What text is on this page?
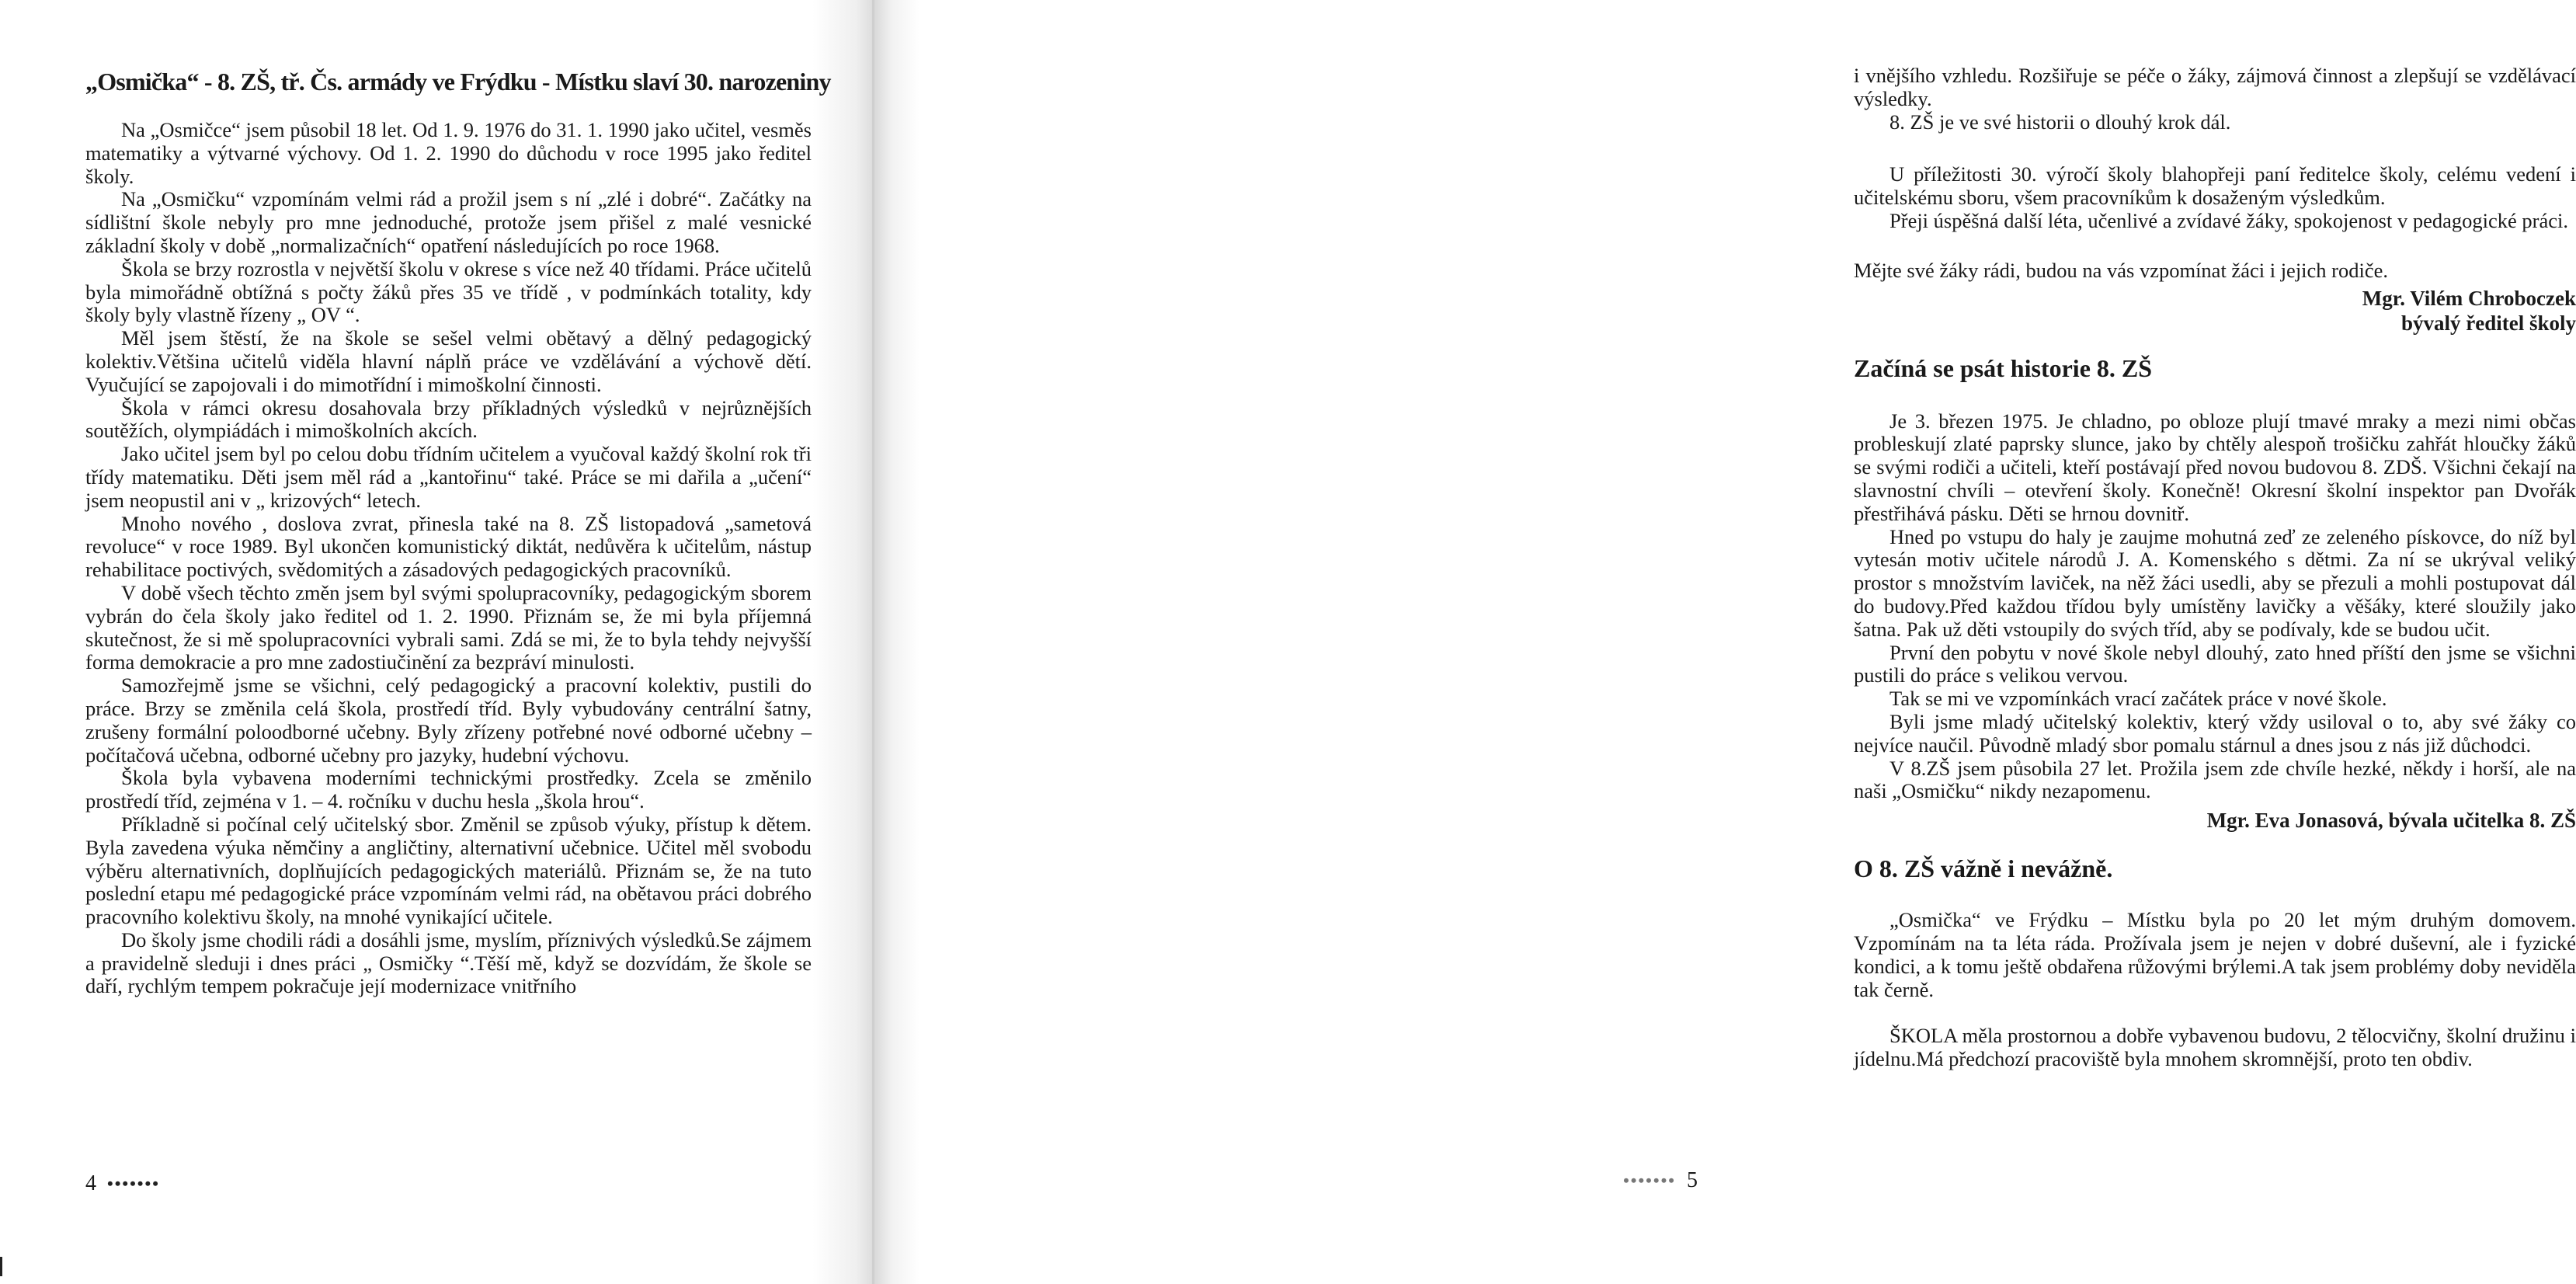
„Osmička“ - 8. ZŠ, tř. Čs. armády ve Frýdku - Místku slaví 30. narozeniny

Na „Osmičce“ jsem působil 18 let. Od 1. 9. 1976 do 31. 1. 1990 jako učitel, vesměs matematiky a výtvarné výchovy. Od 1. 2. 1990 do důchodu v roce 1995 jako ředitel školy.

Na „Osmičku“ vzpomínám velmi rád a prožil jsem s ní „zlé i dobré“. Začátky na sídlištní škole nebyly pro mne jednoduché, protože jsem přišel z malé vesnické základní školy v době „normalizačních“ opatření následujících po roce 1968.

Škola se brzy rozrostla v největší školu v okrese s více než 40 třídami. Práce učitelů byla mimořádně obtížná s počty žáků přes 35 ve třídě , v podmínkách totality, kdy školy byly vlastně řízeny „ OV “.

Měl jsem štěstí, že na škole se sešel velmi obětavý a dělný pedagogický kolektiv.Většina učitelů viděla hlavní náplň práce ve vzdělávání a výchově dětí. Vyučující se zapojovali i do mimotřídní i mimoškolní činnosti.

Škola v rámci okresu dosahovala brzy příkladných výsledků v nejrůznějších soutěžích, olympiádách i mimoškolních akcích.

Jako učitel jsem byl po celou dobu třídním učitelem a vyučoval každý školní rok tři třídy matematiku. Děti jsem měl rád a „kantořinu“ také. Práce se mi dařila a „učení“ jsem neopustil ani v „ krizových“ letech.

Mnoho nového , doslova zvrat, přinesla také na 8. ZŠ listopadová „sametová revoluce“ v roce 1989. Byl ukončen komunistický diktát, nedůvěra k učitelům, nástup rehabilitace poctivých, svědomitých a zásadových pedagogických pracovníků.

V době všech těchto změn jsem byl svými spolupracovníky, pedagogickým sborem vybrán do čela školy jako ředitel od 1. 2. 1990. Přiznám se, že mi byla příjemná skutečnost, že si mě spolupracovníci vybrali sami. Zdá se mi, že to byla tehdy nejvyšší forma demokracie a pro mne zadostiučinění za bezpráví minulosti.

Samozřejmě jsme se všichni, celý pedagogický a pracovní kolektiv, pustili do práce. Brzy se změnila celá škola, prostředí tříd. Byly vybudovány centrální šatny, zrušeny formální poloodborné učebny. Byly zřízeny potřebné nové odborné učebny – počítačová učebna, odborné učebny pro jazyky, hudební výchovu.

Škola byla vybavena moderními technickými prostředky. Zcela se změnilo prostředí tříd, zejména v 1. – 4. ročníku v duchu hesla „škola hrou“.

Příkladně si počínal celý učitelský sbor. Změnil se způsob výuky, přístup k dětem. Byla zavedena výuka němčiny a angličtiny, alternativní učebnice. Učitel měl svobodu výběru alternativních, doplňujících pedagogických materiálů. Přiznám se, že na tuto poslední etapu mé pedagogické práce vzpomínám velmi rád, na obětavou práci dobrého pracovního kolektivu školy, na mnohé vynikající učitele.

Do školy jsme chodili rádi a dosáhli jsme, myslím, příznivých výsledků.Se zájmem a pravidelně sleduji i dnes práci „ Osmičky “.Těší mě, když se dozvídám, že škole se daří, rychlým tempem pokračuje její modernizace vnitřního

4 •••••••

i vnějšího vzhledu. Rozšiřuje se péče o žáky, zájmová činnost a zlepšují se vzdělávací výsledky.

8. ZŠ je ve své historii o dlouhý krok dál.

U příležitosti 30. výročí školy blahopřeji paní ředitelce školy, celému vedení i učitelskému sboru, všem pracovníkům k dosaženým výsledkům.

Přeji úspěšná další léta, učenlivé a zvídavé žáky, spokojenost v pedagogické práci.

Mějte své žáky rádi, budou na vás vzpomínat žáci i jejich rodiče.

Mgr. Vilém Chroboczek

bývalý ředitel školy

Začíná se psát historie 8. ZŠ

Je 3. březen 1975. Je chladno, po obloze plují tmavé mraky a mezi nimi občas probleskují zlaté paprsky slunce, jako by chtěly alespoň trošičku zahřát hloučky žáků se svými rodiči a učiteli, kteří postávají před novou budovou 8. ZDŠ. Všichni čekají na slavnostní chvíli – otevření školy. Konečně! Okresní školní inspektor pan Dvořák přestřihává pásku. Děti se hrnou dovnitř.

Hned po vstupu do haly je zaujme mohutná zeď ze zeleného pískovce, do níž byl vytesán motiv učitele národů J. A. Komenského s dětmi. Za ní se ukrýval veliký prostor s množstvím laviček, na něž žáci usedli, aby se přezuli a mohli postupovat dál do budovy.Před každou třídou byly umístěny lavičky a věšáky, které sloužily jako šatna. Pak už děti vstoupily do svých tříd, aby se podívaly, kde se budou učit.

První den pobytu v nové škole nebyl dlouhý, zato hned příští den jsme se všichni pustili do práce s velikou vervou.

Tak se mi ve vzpomínkách vrací začátek práce v nové škole.

Byli jsme mladý učitelský kolektiv, který vždy usiloval o to, aby své žáky co nejvíce naučil. Původně mladý sbor pomalu stárnul a dnes jsou z nás již důchodci.

V 8.ZŠ jsem působila 27 let. Prožila jsem zde chvíle hezké, někdy i horší, ale na naši „Osmičku“ nikdy nezapomenu.

Mgr. Eva Jonasová, bývala učitelka 8. ZŠ

O 8. ZŠ vážně i nevážně.

„Osmička“ ve Frýdku – Místku byla po 20 let mým druhým domovem. Vzpomínám na ta léta ráda. Prožívala jsem je nejen v dobré duševní, ale i fyzické kondici, a k tomu ještě obdařena růžovými brýlemi.A tak jsem problémy doby neviděla tak černě.

ŠKOLA měla prostornou a dobře vybavenou budovu, 2 tělocvičny, školní družinu i jídelnu.Má předchozí pracoviště byla mnohem skromnější, proto ten obdiv.

••••••• 5
